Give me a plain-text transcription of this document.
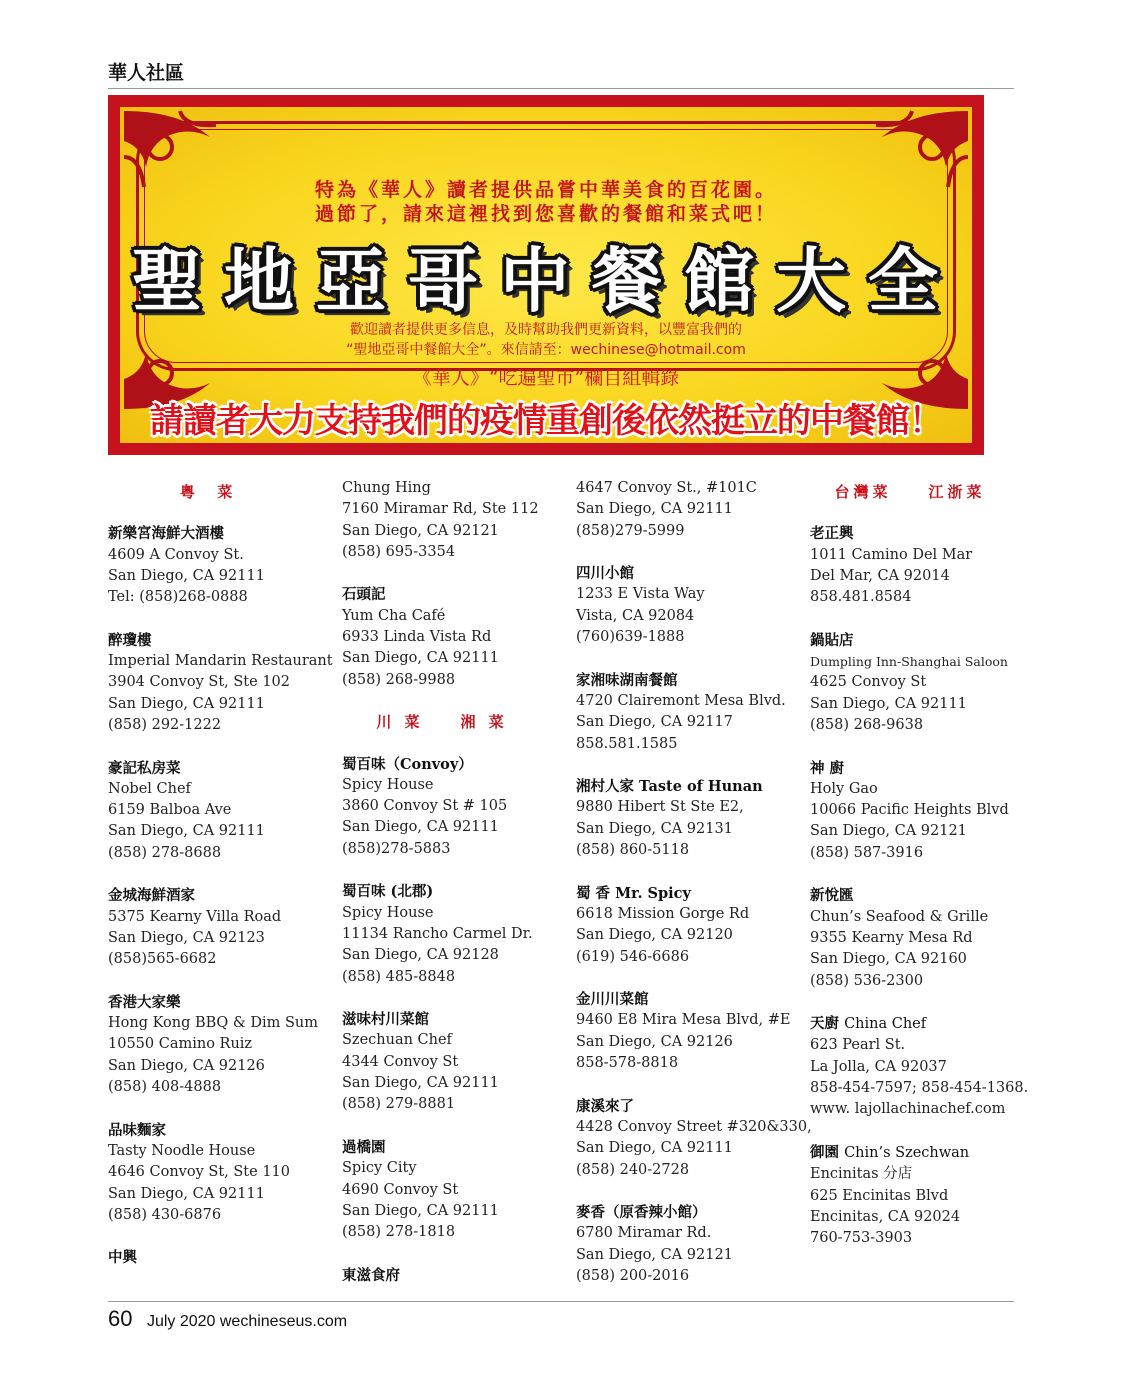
華人社區
特為《華人》讀者提供品嘗中華美食的百花園。
過節了，請來這裡找到您喜歡的餐館和菜式吧！
聖地亞哥中餐館大全
歡迎讀者提供更多信息，及時幫助我們更新資料，以豐富我們的
“聖地亞哥中餐館大全”。來信請至：wechinese@hotmail.com
《華人》“吃遍聖市”欄目組輯錄
請讀者大力支持我們的疫情重創後依然挺立的中餐館！
粵  菜
新樂宮海鮮大酒樓
4609 A Convoy St.
San Diego, CA 92111
Tel: (858)268-0888
醉瓊樓
Imperial Mandarin Restaurant
3904 Convoy St, Ste 102
San Diego, CA 92111
(858) 292-1222
豪記私房菜
Nobel Chef
6159 Balboa Ave
San Diego, CA 92111
(858) 278-8688
金城海鮮酒家
5375 Kearny Villa Road
San Diego, CA 92123
(858)565-6682
香港大家樂
Hong Kong BBQ & Dim Sum
10550 Camino Ruiz
San Diego, CA 92126
(858) 408-4888
品味麵家
Tasty Noodle House
4646 Convoy St, Ste 110
San Diego, CA 92111
(858) 430-6876
中興
Chung Hing
7160 Miramar Rd, Ste 112
San Diego, CA 92121
(858) 695-3354
石頭記
Yum Cha Café
6933 Linda Vista Rd
San Diego, CA 92111
(858) 268-9988
川 菜    湘 菜
蜀百味（Convoy）
Spicy House
3860 Convoy St # 105
San Diego, CA 92111
(858)278-5883
蜀百味 (北郡)
Spicy House
11134 Rancho Carmel Dr.
San Diego, CA 92128
(858) 485-8848
滋味村川菜館
Szechuan Chef
4344 Convoy St
San Diego, CA 92111
(858) 279-8881
過橋園
Spicy City
4690 Convoy St
San Diego, CA 92111
(858) 278-1818
東滋食府
4647 Convoy St., #101C
San Diego, CA 92111
(858)279-5999
四川小館
1233 E Vista Way
Vista, CA 92084
(760)639-1888
家湘味湖南餐館
4720 Clairemont Mesa Blvd.
San Diego, CA 92117
858.581.1585
湘村人家 Taste of Hunan
9880 Hibert St Ste E2,
San Diego, CA 92131
(858) 860-5118
蜀 香 Mr. Spicy
6618 Mission Gorge Rd
San Diego, CA 92120
(619) 546-6686
金川川菜館
9460 E8 Mira Mesa Blvd, #E
San Diego, CA 92126
858-578-8818
康溪來了
4428 Convoy Street #320&330,
San Diego, CA 92111
(858) 240-2728
麥香（原香辣小館）
6780 Miramar Rd.
San Diego, CA 92121
(858) 200-2016
台灣菜    江浙菜
老正興
1011 Camino Del Mar
Del Mar, CA 92014
858.481.8584
鍋貼店
Dumpling Inn-Shanghai Saloon
4625 Convoy St
San Diego, CA 92111
(858) 268-9638
神 廚
Holy Gao
10066 Pacific Heights Blvd
San Diego, CA 92121
(858) 587-3916
新悅匯
Chun’s Seafood & Grille
9355 Kearny Mesa Rd
San Diego, CA 92160
(858) 536-2300
天廚 China Chef
623 Pearl St.
La Jolla, CA 92037
858-454-7597; 858-454-1368.
www. lajollachinachef.com
御園 Chin’s Szechwan
Encinitas 分店
625 Encinitas Blvd
Encinitas, CA 92024
760-753-3903
60 July 2020 wechineseus.com
